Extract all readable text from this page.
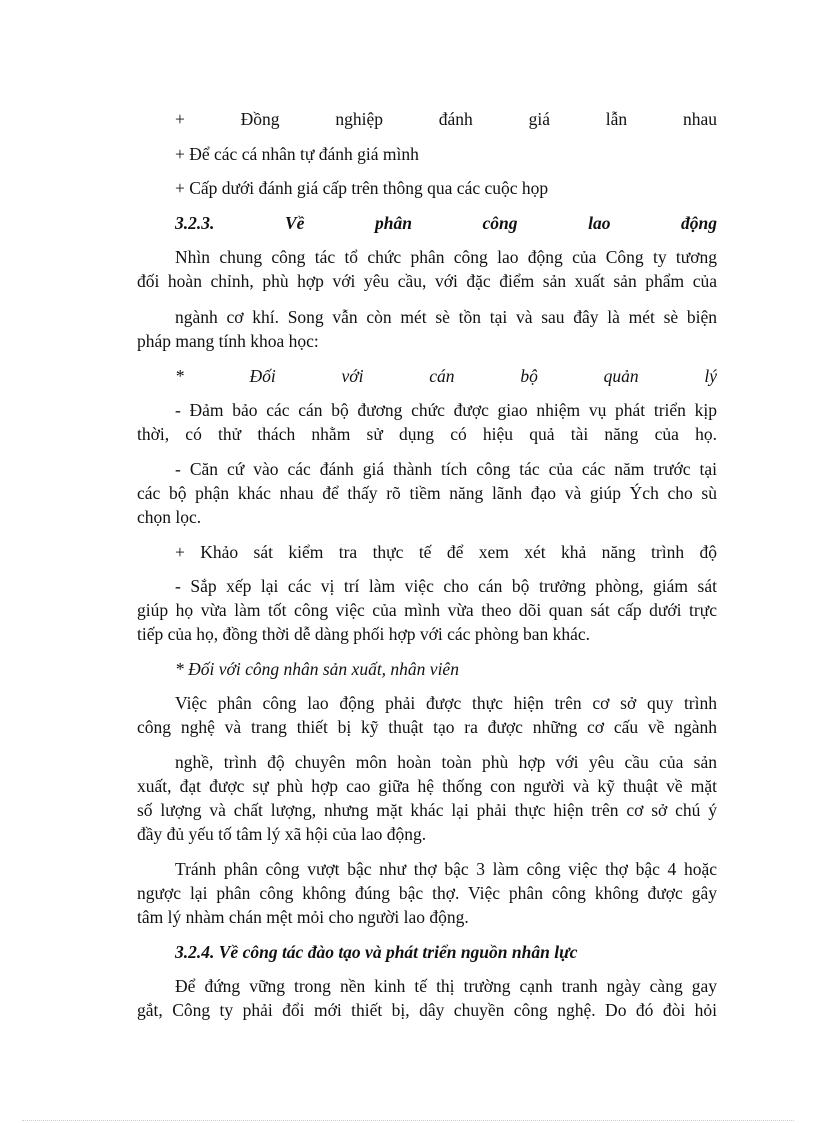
+ Đồng nghiệp đánh giá lẫn nhau
+ Để các cá nhân tự đánh giá mình
+ Cấp dưới đánh giá cấp trên thông qua các cuộc họp
3.2.3. Về phân công lao động
Nhìn chung công tác tổ chức phân công lao động của Công ty tương
đối hoàn chỉnh, phù hợp với yêu cầu, với đặc điểm sản xuất sản phẩm của
ngành cơ khí. Song vẫn còn mét sè tồn tại và sau đây là mét sè biện
pháp mang tính khoa học:
* Đối với cán bộ quản lý
- Đảm bảo các cán bộ đương chức được giao nhiệm vụ phát triển kịp
thời, có thử thách nhằm sử dụng có hiệu quả tài năng của họ.
- Căn cứ vào các đánh giá thành tích công tác của các năm trước tại
các bộ phận khác nhau để thấy rõ tiềm năng lãnh đạo và giúp Ých cho sù
chọn lọc.
+ Khảo sát kiểm tra thực tế để xem xét khả năng trình độ
- Sắp xếp lại các vị trí làm việc cho cán bộ trưởng phòng, giám sát
giúp họ vừa làm tốt công việc của mình vừa theo dõi quan sát cấp dưới trực
tiếp của họ, đồng thời dễ dàng phối hợp với các phòng ban khác.
* Đối với công nhân sản xuất, nhân viên
Việc phân công lao động phải được thực hiện trên cơ sở quy trình
công nghệ và trang thiết bị kỹ thuật tạo ra được những cơ cấu về ngành
nghề, trình độ chuyên môn hoàn toàn phù hợp với yêu cầu của sản
xuất, đạt được sự phù hợp cao giữa hệ thống con người và kỹ thuật về mặt
số lượng và chất lượng, nhưng mặt khác lại phải thực hiện trên cơ sở chú ý
đầy đủ yếu tố tâm lý xã hội của lao động.
Tránh phân công vượt bậc như thợ bậc 3 làm công việc thợ bậc 4 hoặc
ngược lại phân công không đúng bậc thợ. Việc phân công không được gây
tâm lý nhàm chán mệt mỏi cho người lao động.
3.2.4. Về công tác đào tạo và phát triển nguồn nhân lực
Để đứng vững trong nền kinh tế thị trường cạnh tranh ngày càng gay
gắt, Công ty phải đổi mới thiết bị, dây chuyền công nghệ. Do đó đòi hỏi
